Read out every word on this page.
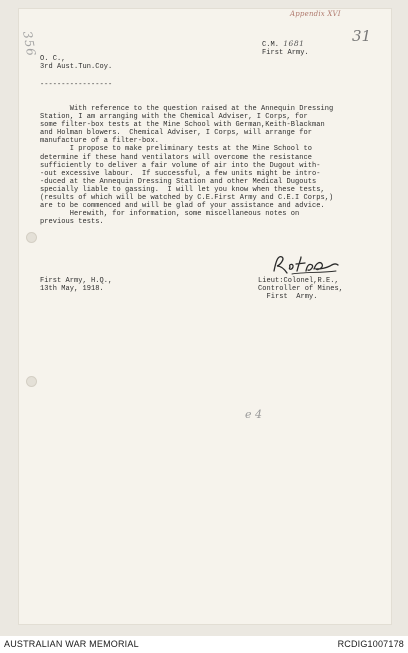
Appendix XVI
31
356	C.M. 1681
First Army.
O. C.,
3rd Aust.Tun.Coy.
-----------------
With reference to the question raised at the Annequin Dressing
Station, I am arranging with the Chemical Adviser, I Corps, for
some filter-box tests at the Mine School with German,Keith-Blackman
and Holman blowers.  Chemical Adviser, I Corps, will arrange for
manufacture of a filter-box.
I propose to make preliminary tests at the Mine School to
determine if these hand ventilators will overcome the resistance
sufficiently to deliver a fair volume of air into the Dugout with-
-out excessive labour.  If successful, a few units might be intro-
-duced at the Annequin Dressing Station and other Medical Dugouts
specially liable to gassing.  I will let you know when these tests,
(results of which will be watched by C.E.First Army and C.E.I Corps,)
are to be commenced and will be glad of your assistance and advice.
Herewith, for information, some miscellaneous notes on
previous tests.
First Army, H.Q.,
13th May, 1918.
Lieut:Colonel,R.E.,
Controller of Mines,
First  Army.
e 4
AUSTRALIAN WAR MEMORIAL	RCDIG1007178
